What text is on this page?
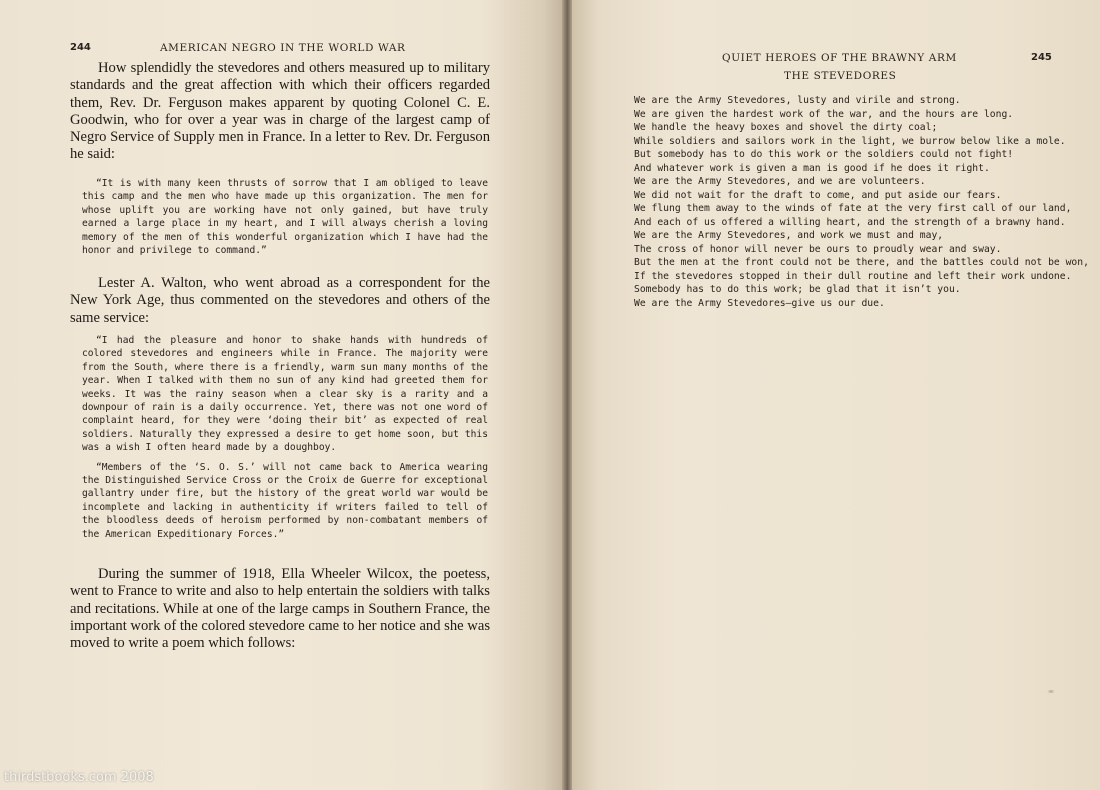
244	AMERICAN NEGRO IN THE WORLD WAR

How splendidly the stevedores and others measured up to military standards and the great affection with which their officers regarded them, Rev. Dr. Ferguson makes apparent by quoting Colonel C. E. Goodwin, who for over a year was in charge of the largest camp of Negro Service of Supply men in France. In a letter to Rev. Dr. Ferguson he said:

“It is with many keen thrusts of sorrow that I am obliged to leave this camp and the men who have made up this organization. The men for whose uplift you are working have not only gained, but have truly earned a large place in my heart, and I will always cherish a loving memory of the men of this wonderful organization which I have had the honor and privilege to command.”

Lester A. Walton, who went abroad as a correspondent for the New York Age, thus commented on the stevedores and others of the same service:

“I had the pleasure and honor to shake hands with hundreds of colored stevedores and engineers while in France. The majority were from the South, where there is a friendly, warm sun many months of the year. When I talked with them no sun of any kind had greeted them for weeks. It was the rainy season when a clear sky is a rarity and a downpour of rain is a daily occurrence. Yet, there was not one word of complaint heard, for they were ‘doing their bit’ as expected of real soldiers. Naturally they expressed a desire to get home soon, but this was a wish I often heard made by a doughboy.

“Members of the ‘S. O. S.’ will not came back to America wearing the Distinguished Service Cross or the Croix de Guerre for exceptional gallantry under fire, but the history of the great world war would be incomplete and lacking in authenticity if writers failed to tell of the bloodless deeds of heroism performed by non-combatant members of the American Expeditionary Forces.”

During the summer of 1918, Ella Wheeler Wilcox, the poetess, went to France to write and also to help entertain the soldiers with talks and recitations. While at one of the large camps in Southern France, the important work of the colored stevedore came to her notice and she was moved to write a poem which follows:

QUIET HEROES OF THE BRAWNY ARM	245
THE STEVEDORES
We are the Army Stevedores, lusty and virile and strong.
We are given the hardest work of the war, and the hours are long.
We handle the heavy boxes and shovel the dirty coal;
While soldiers and sailors work in the light, we burrow below like a mole.
But somebody has to do this work or the soldiers could not fight!
And whatever work is given a man is good if he does it right.
We are the Army Stevedores, and we are volunteers.
We did not wait for the draft to come, and put aside our fears.
We flung them away to the winds of fate at the very first call of our land,
And each of us offered a willing heart, and the strength of a brawny hand.
We are the Army Stevedores, and work we must and may,
The cross of honor will never be ours to proudly wear and sway.
But the men at the front could not be there, and the battles could not be won,
If the stevedores stopped in their dull routine and left their work undone.
Somebody has to do this work; be glad that it isn’t you.
We are the Army Stevedores—give us our due.
thirdstbooks.com 2008
